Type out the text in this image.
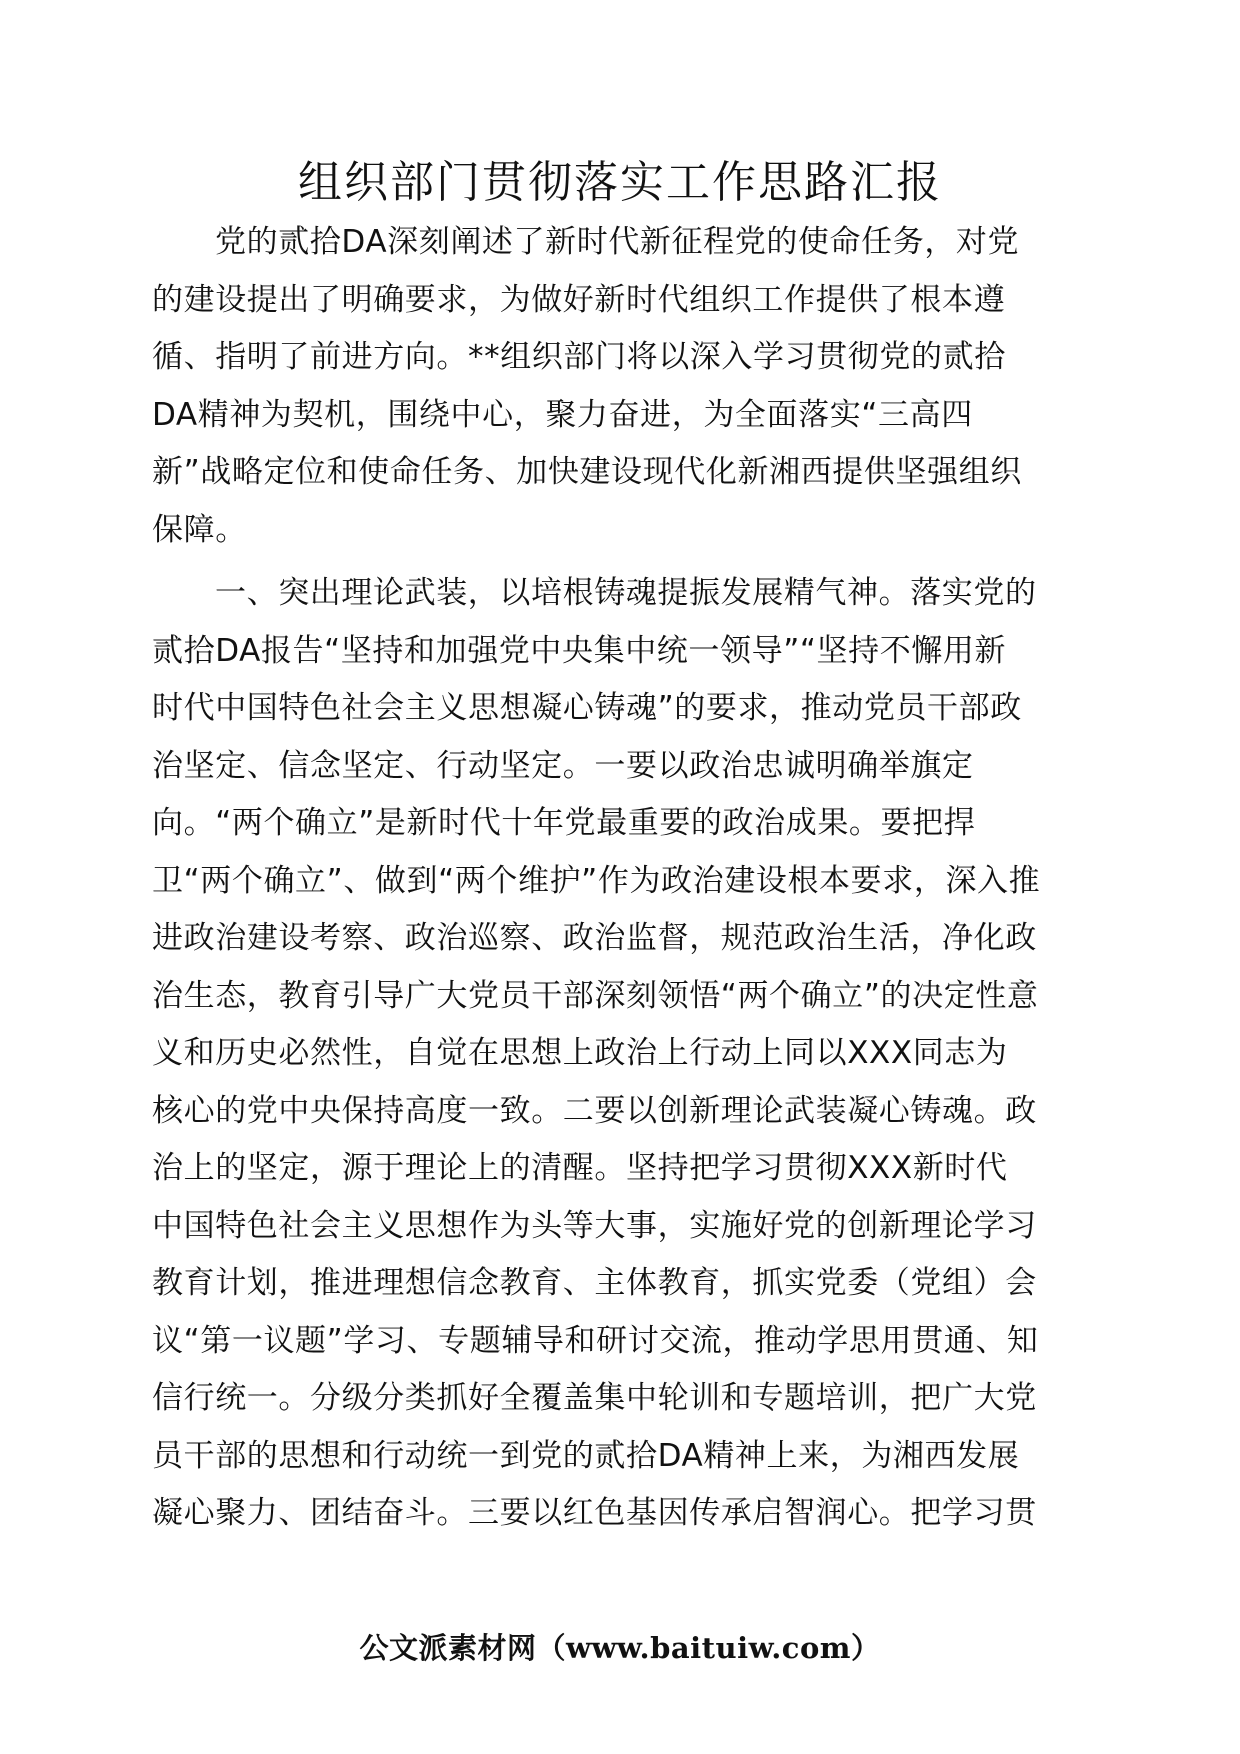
组织部门贯彻落实工作思路汇报
党的贰拾DA深刻阐述了新时代新征程党的使命任务，对党
的建设提出了明确要求，为做好新时代组织工作提供了根本遵
循、指明了前进方向。**组织部门将以深入学习贯彻党的贰拾
DA精神为契机，围绕中心，聚力奋进，为全面落实“三高四
新”战略定位和使命任务、加快建设现代化新湘西提供坚强组织
保障。
一、突出理论武装，以培根铸魂提振发展精气神。落实党的
贰拾DA报告“坚持和加强党中央集中统一领导”“坚持不懈用新
时代中国特色社会主义思想凝心铸魂”的要求，推动党员干部政
治坚定、信念坚定、行动坚定。一要以政治忠诚明确举旗定
向。“两个确立”是新时代十年党最重要的政治成果。要把捍
卫“两个确立”、做到“两个维护”作为政治建设根本要求，深入推
进政治建设考察、政治巡察、政治监督，规范政治生活，净化政
治生态，教育引导广大党员干部深刻领悟“两个确立”的决定性意
义和历史必然性，自觉在思想上政治上行动上同以XXX同志为
核心的党中央保持高度一致。二要以创新理论武装凝心铸魂。政
治上的坚定，源于理论上的清醒。坚持把学习贯彻XXX新时代
中国特色社会主义思想作为头等大事，实施好党的创新理论学习
教育计划，推进理想信念教育、主体教育，抓实党委（党组）会
议“第一议题”学习、专题辅导和研讨交流，推动学思用贯通、知
信行统一。分级分类抓好全覆盖集中轮训和专题培训，把广大党
员干部的思想和行动统一到党的贰拾DA精神上来，为湘西发展
凝心聚力、团结奋斗。三要以红色基因传承启智润心。把学习贯
公文派素材网（www.baituiw.com）
